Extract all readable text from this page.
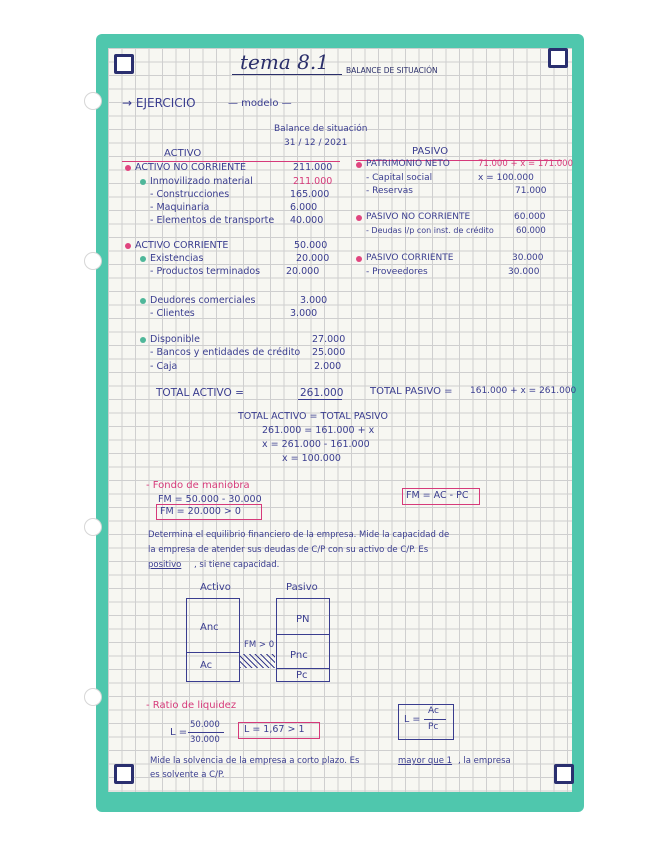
tema 8.1 BALANCE DE SITUACIÓN
→ EJERCICIO	— modelo —
Balance de situación
31 / 12 / 2021
ACTIVO
ACTIVO NO CORRIENTE	211.000
Inmovilizado material	211.000
- Construcciones	165.000
- Maquinaria	6.000
- Elementos de transporte 40.000
ACTIVO CORRIENTE	50.000
Existencias	20.000
- Productos terminados	20.000
Deudores comerciales	3.000
- Clientes	3.000
Disponible	27.000
- Bancos y entidades de crédito 25.000
- Caja	2.000
TOTAL ACTIVO =	261.000
PASIVO
PATRIMONIO NETO	71.000 + x = 171.000
- Capital social	x = 100.000
- Reservas	71.000
PASIVO NO CORRIENTE	60.000
- Deudas l/p con inst. de crédito	60.000
PASIVO CORRIENTE	30.000
- Proveedores	30.000
TOTAL PASIVO = 161.000 + x = 261.000
TOTAL ACTIVO = TOTAL PASIVO
261.000 = 161.000 + x
x = 261.000 - 161.000
x = 100.000
- Fondo de maniobra
FM = 50.000 - 30.000
FM = 20.000 > 0
FM = AC - PC
Determina el equilibrio financiero de la empresa. Mide la capacidad de
la empresa de atender sus deudas de C/P con su activo de C/P. Es
positivo , si tiene capacidad.
Activo	Pasivo
Anc
Ac
FM > 0
PN
Pnc
Pc
- Ratio de liquidez
L =
50.000
30.000
L = 1,67 > 1
L =
Ac
Pc
Mide la solvencia de la empresa a corto plazo. Es	mayor que 1 , la empresa
es solvente a C/P.
